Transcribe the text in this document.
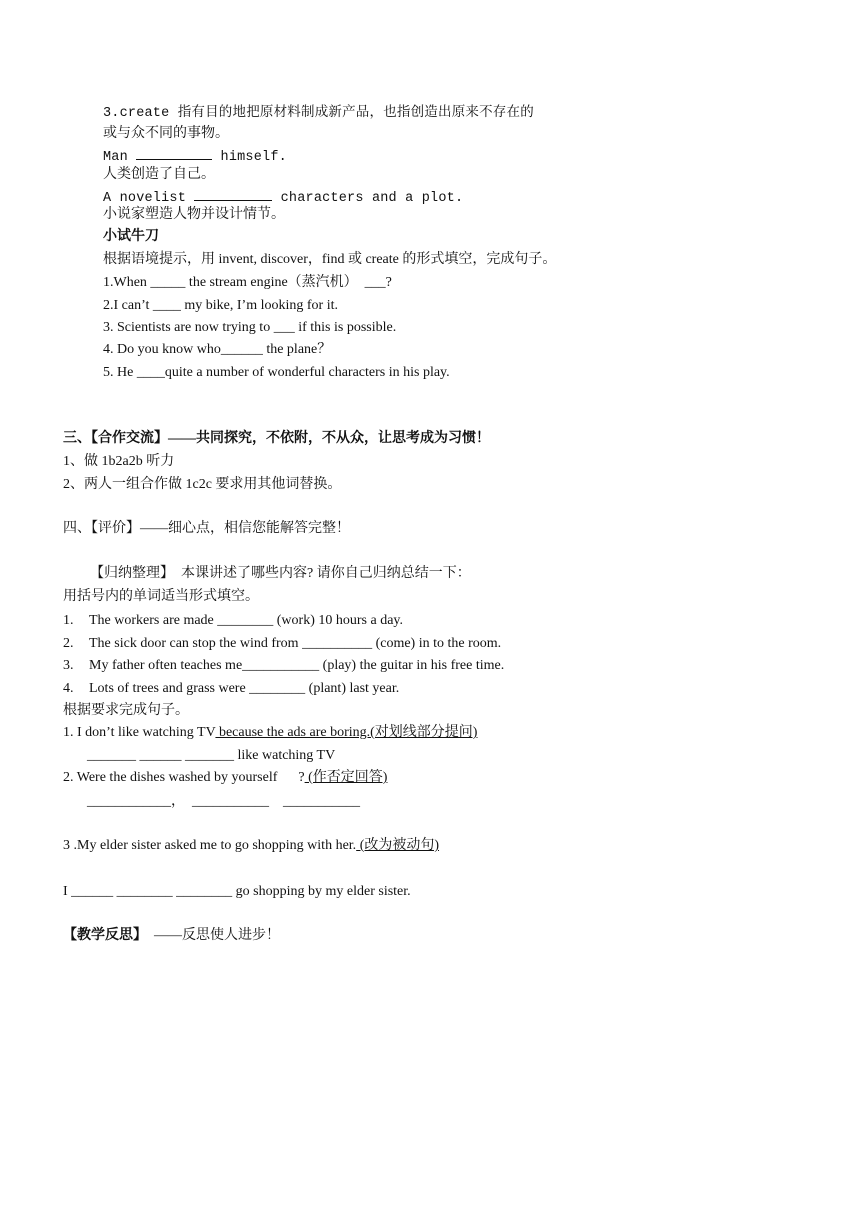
3.create 指有目的地把原材料制成新产品，也指创造出原来不存在的
或与众不同的事物。
Man	himself.
人类创造了自己。
A novelist	characters and a plot.
小说家塑造人物并设计情节。
小试牛刀
根据语境提示，用 invent, discover，find 或 create 的形式填空，完成句子。
1.When _____ the stream engine（蒸汽机）  ___?
2.I can’t ____ my bike, I’m looking for it.
3. Scientists are now trying to ___ if this is possible.
4. Do you know who______ the plane？
5. He ____quite a number of wonderful characters in his play.
三、【合作交流】——共同探究，不依附，不从众，让思考成为习惯！
1、做 1b2a2b 听力
2、两人一组合作做 1c2c 要求用其他词替换。
四、【评价】——细心点，相信您能解答完整！
【归纳整理】  本课讲述了哪些内容? 请你自己归纳总结一下：
用括号内的单词适当形式填空。
1. The workers are made ________ (work) 10 hours a day.
2. The sick door can stop the wind from __________ (come) in to the room.
3. My father often teaches me___________ (play) the guitar in his free time.
4. Lots of trees and grass were ________ (plant) last year.
根据要求完成句子。
1. I don’t like watching TV because the ads are boring.(对划线部分提问)
_______ ______ _______ like watching TV
2. Were the dishes washed by yourself      ? (作否定回答)
____________，  ___________    ___________
3 .My elder sister asked me to go shopping with her. (改为被动句)
I ______ ________ ________ go shopping by my elder sister.
【教学反思】  ——反思使人进步！
